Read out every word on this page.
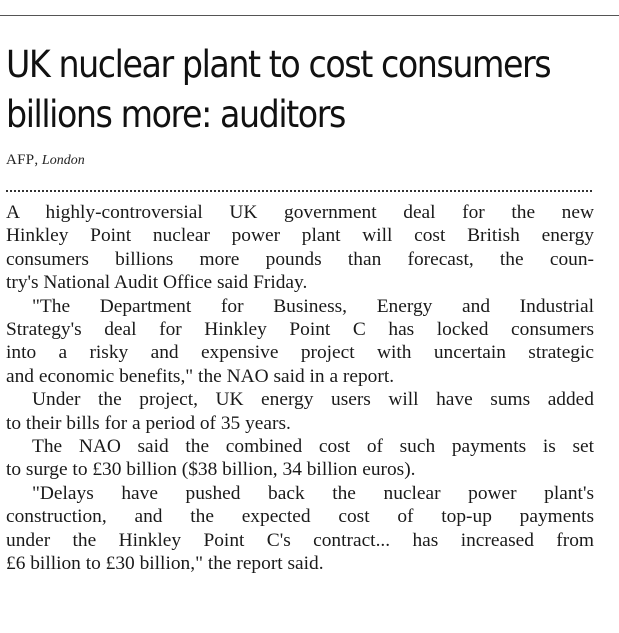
UK nuclear plant to cost consumers
billions more: auditors
AFP, London
A highly-controversial UK government deal for the new
Hinkley Point nuclear power plant will cost British energy
consumers billions more pounds than forecast, the coun-
try's National Audit Office said Friday.
"The Department for Business, Energy and Industrial
Strategy's deal for Hinkley Point C has locked consumers
into a risky and expensive project with uncertain strategic
and economic benefits," the NAO said in a report.
Under the project, UK energy users will have sums added
to their bills for a period of 35 years.
The NAO said the combined cost of such payments is set
to surge to £30 billion ($38 billion, 34 billion euros).
"Delays have pushed back the nuclear power plant's
construction, and the expected cost of top-up payments
under the Hinkley Point C's contract... has increased from
£6 billion to £30 billion," the report said.
